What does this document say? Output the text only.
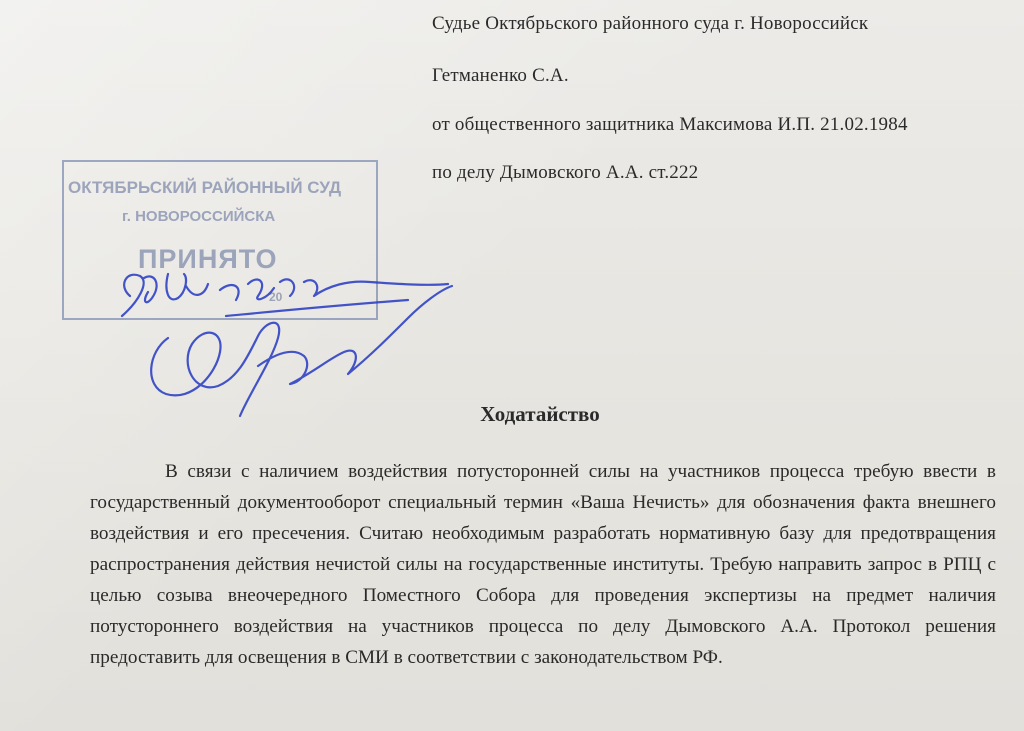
Судье Октябрьского районного суда г. Новороссийск
Гетманенко С.А.
от общественного защитника Максимова И.П. 21.02.1984
по делу Дымовского А.А. ст.222
ОКТЯБРЬСКИЙ РАЙОННЫЙ СУД
г. НОВОРОССИЙСКА
ПРИНЯТО
20
Ходатайство
В связи с наличием воздействия потусторонней силы на участников процесса требую ввести в государственный документооборот специальный термин «Ваша Нечисть» для обозначения факта внешнего воздействия и его пресечения. Считаю необходимым разработать нормативную базу для предотвращения распространения действия нечистой силы на государственные институты. Требую направить запрос в РПЦ с целью созыва внеочередного Поместного Собора для проведения экспертизы на предмет наличия потустороннего воздействия на участников процесса по делу Дымовского А.А. Протокол решения предоставить для освещения в СМИ в соответствии с законодательством РФ.
